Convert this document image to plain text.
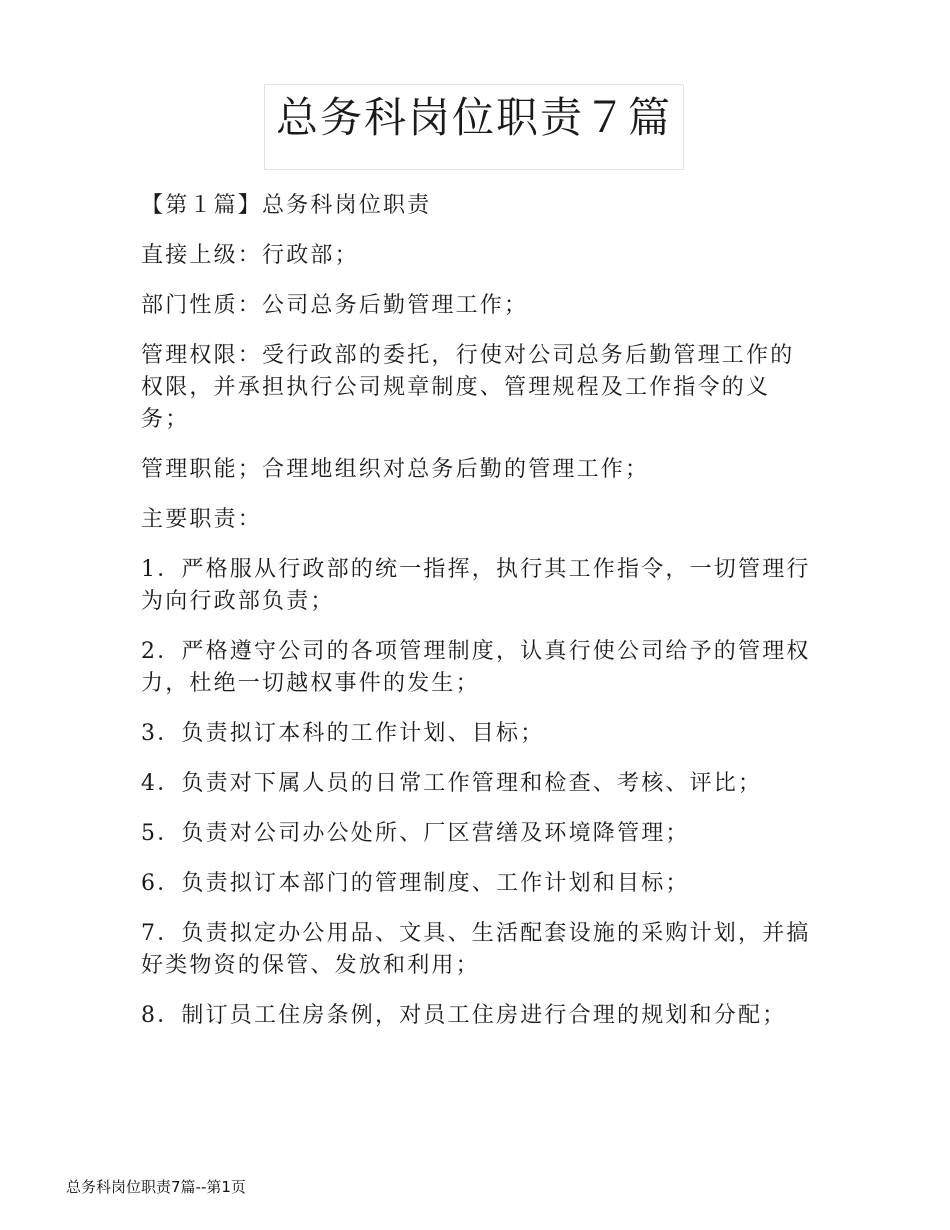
总务科岗位职责７篇

【第１篇】总务科岗位职责

直接上级：行政部；

部门性质：公司总务后勤管理工作；

管理权限：受行政部的委托，行使对公司总务后勤管理工作的权限，并承担执行公司规章制度、管理规程及工作指令的义务；

管理职能；合理地组织对总务后勤的管理工作；

主要职责：

1．严格服从行政部的统一指挥，执行其工作指令，一切管理行为向行政部负责；

2．严格遵守公司的各项管理制度，认真行使公司给予的管理权力，杜绝一切越权事件的发生；

3．负责拟订本科的工作计划、目标；

4．负责对下属人员的日常工作管理和检查、考核、评比；

5．负责对公司办公处所、厂区营缮及环境降管理；

6．负责拟订本部门的管理制度、工作计划和目标；

7．负责拟定办公用品、文具、生活配套设施的采购计划，并搞好类物资的保管、发放和利用；

8．制订员工住房条例，对员工住房进行合理的规划和分配；

总务科岗位职责7篇--第1页
